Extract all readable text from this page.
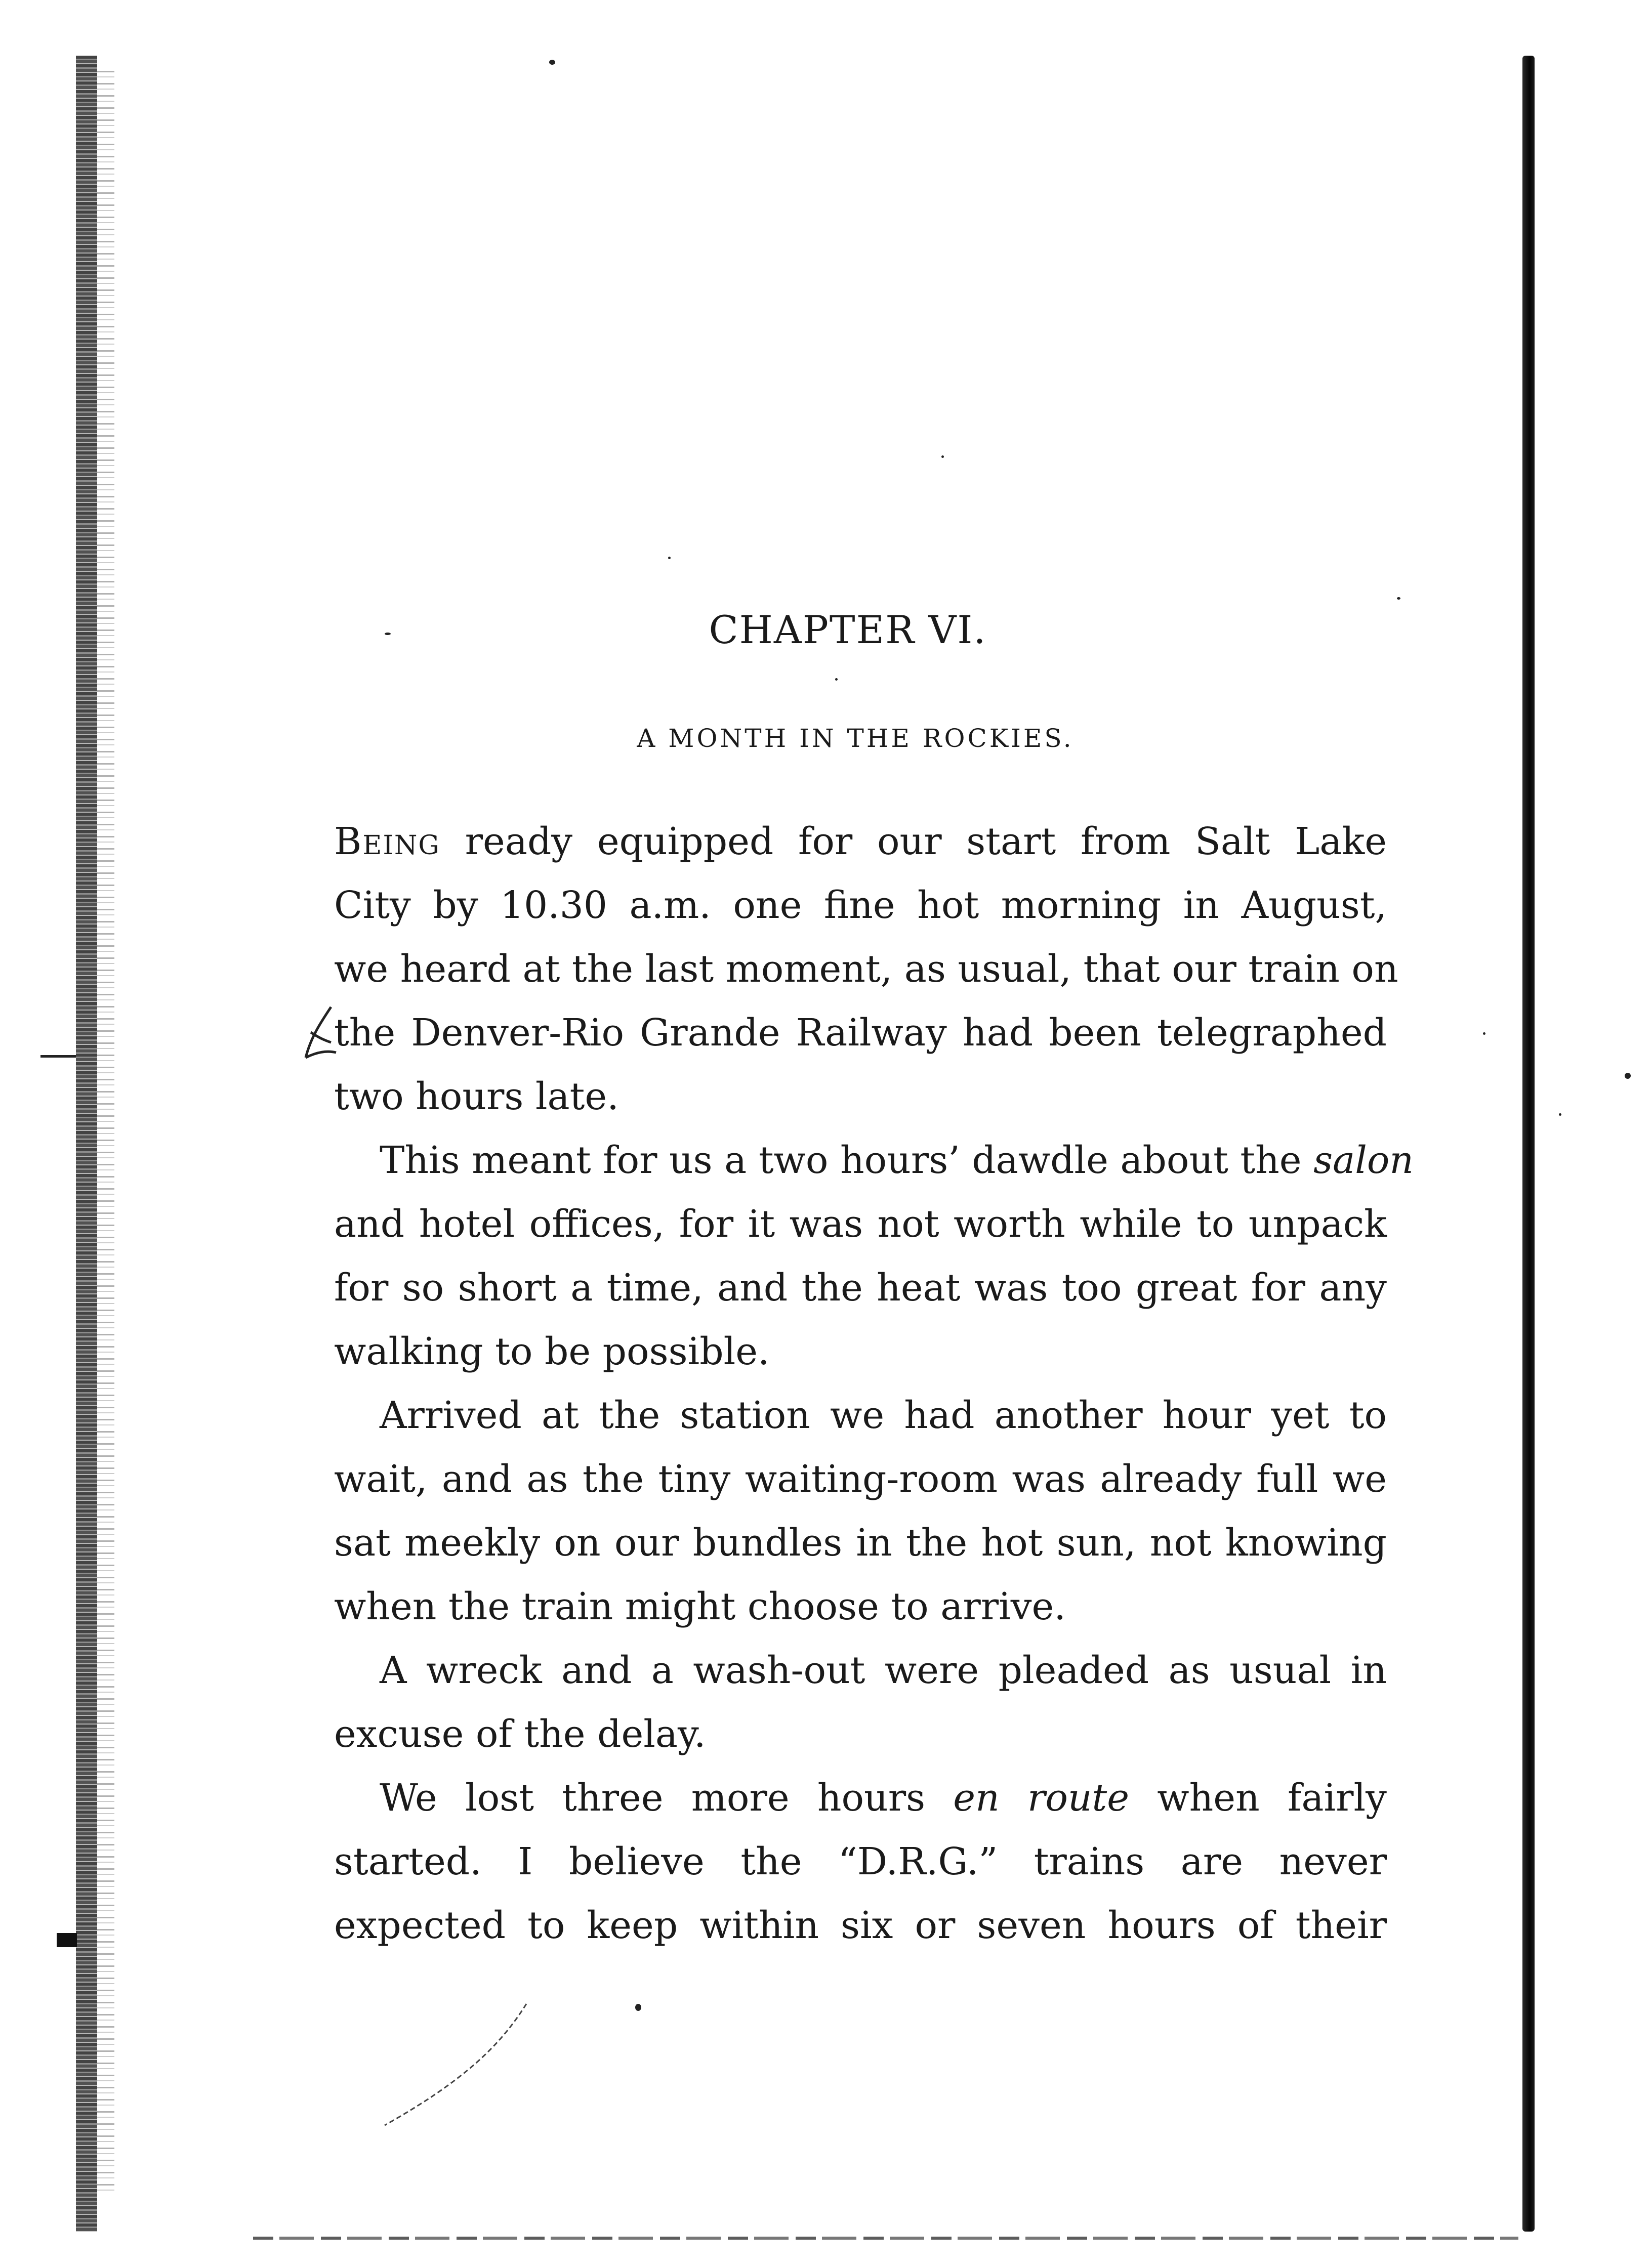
CHAPTER VI.
A MONTH IN THE ROCKIES.

Being ready equipped for our start from Salt Lake
City by 10.30 a.m. one fine hot morning in August,
we heard at the last moment, as usual, that our train on
the Denver-Rio Grande Railway had been telegraphed
two hours late.

This meant for us a two hours’ dawdle about the salon
and hotel offices, for it was not worth while to unpack
for so short a time, and the heat was too great for any
walking to be possible.

Arrived at the station we had another hour yet to
wait, and as the tiny waiting-room was already full we
sat meekly on our bundles in the hot sun, not knowing
when the train might choose to arrive.

A wreck and a wash-out were pleaded as usual in
excuse of the delay.

We lost three more hours en route when fairly
started. I believe the “D.R.G.” trains are never
expected to keep within six or seven hours of their
